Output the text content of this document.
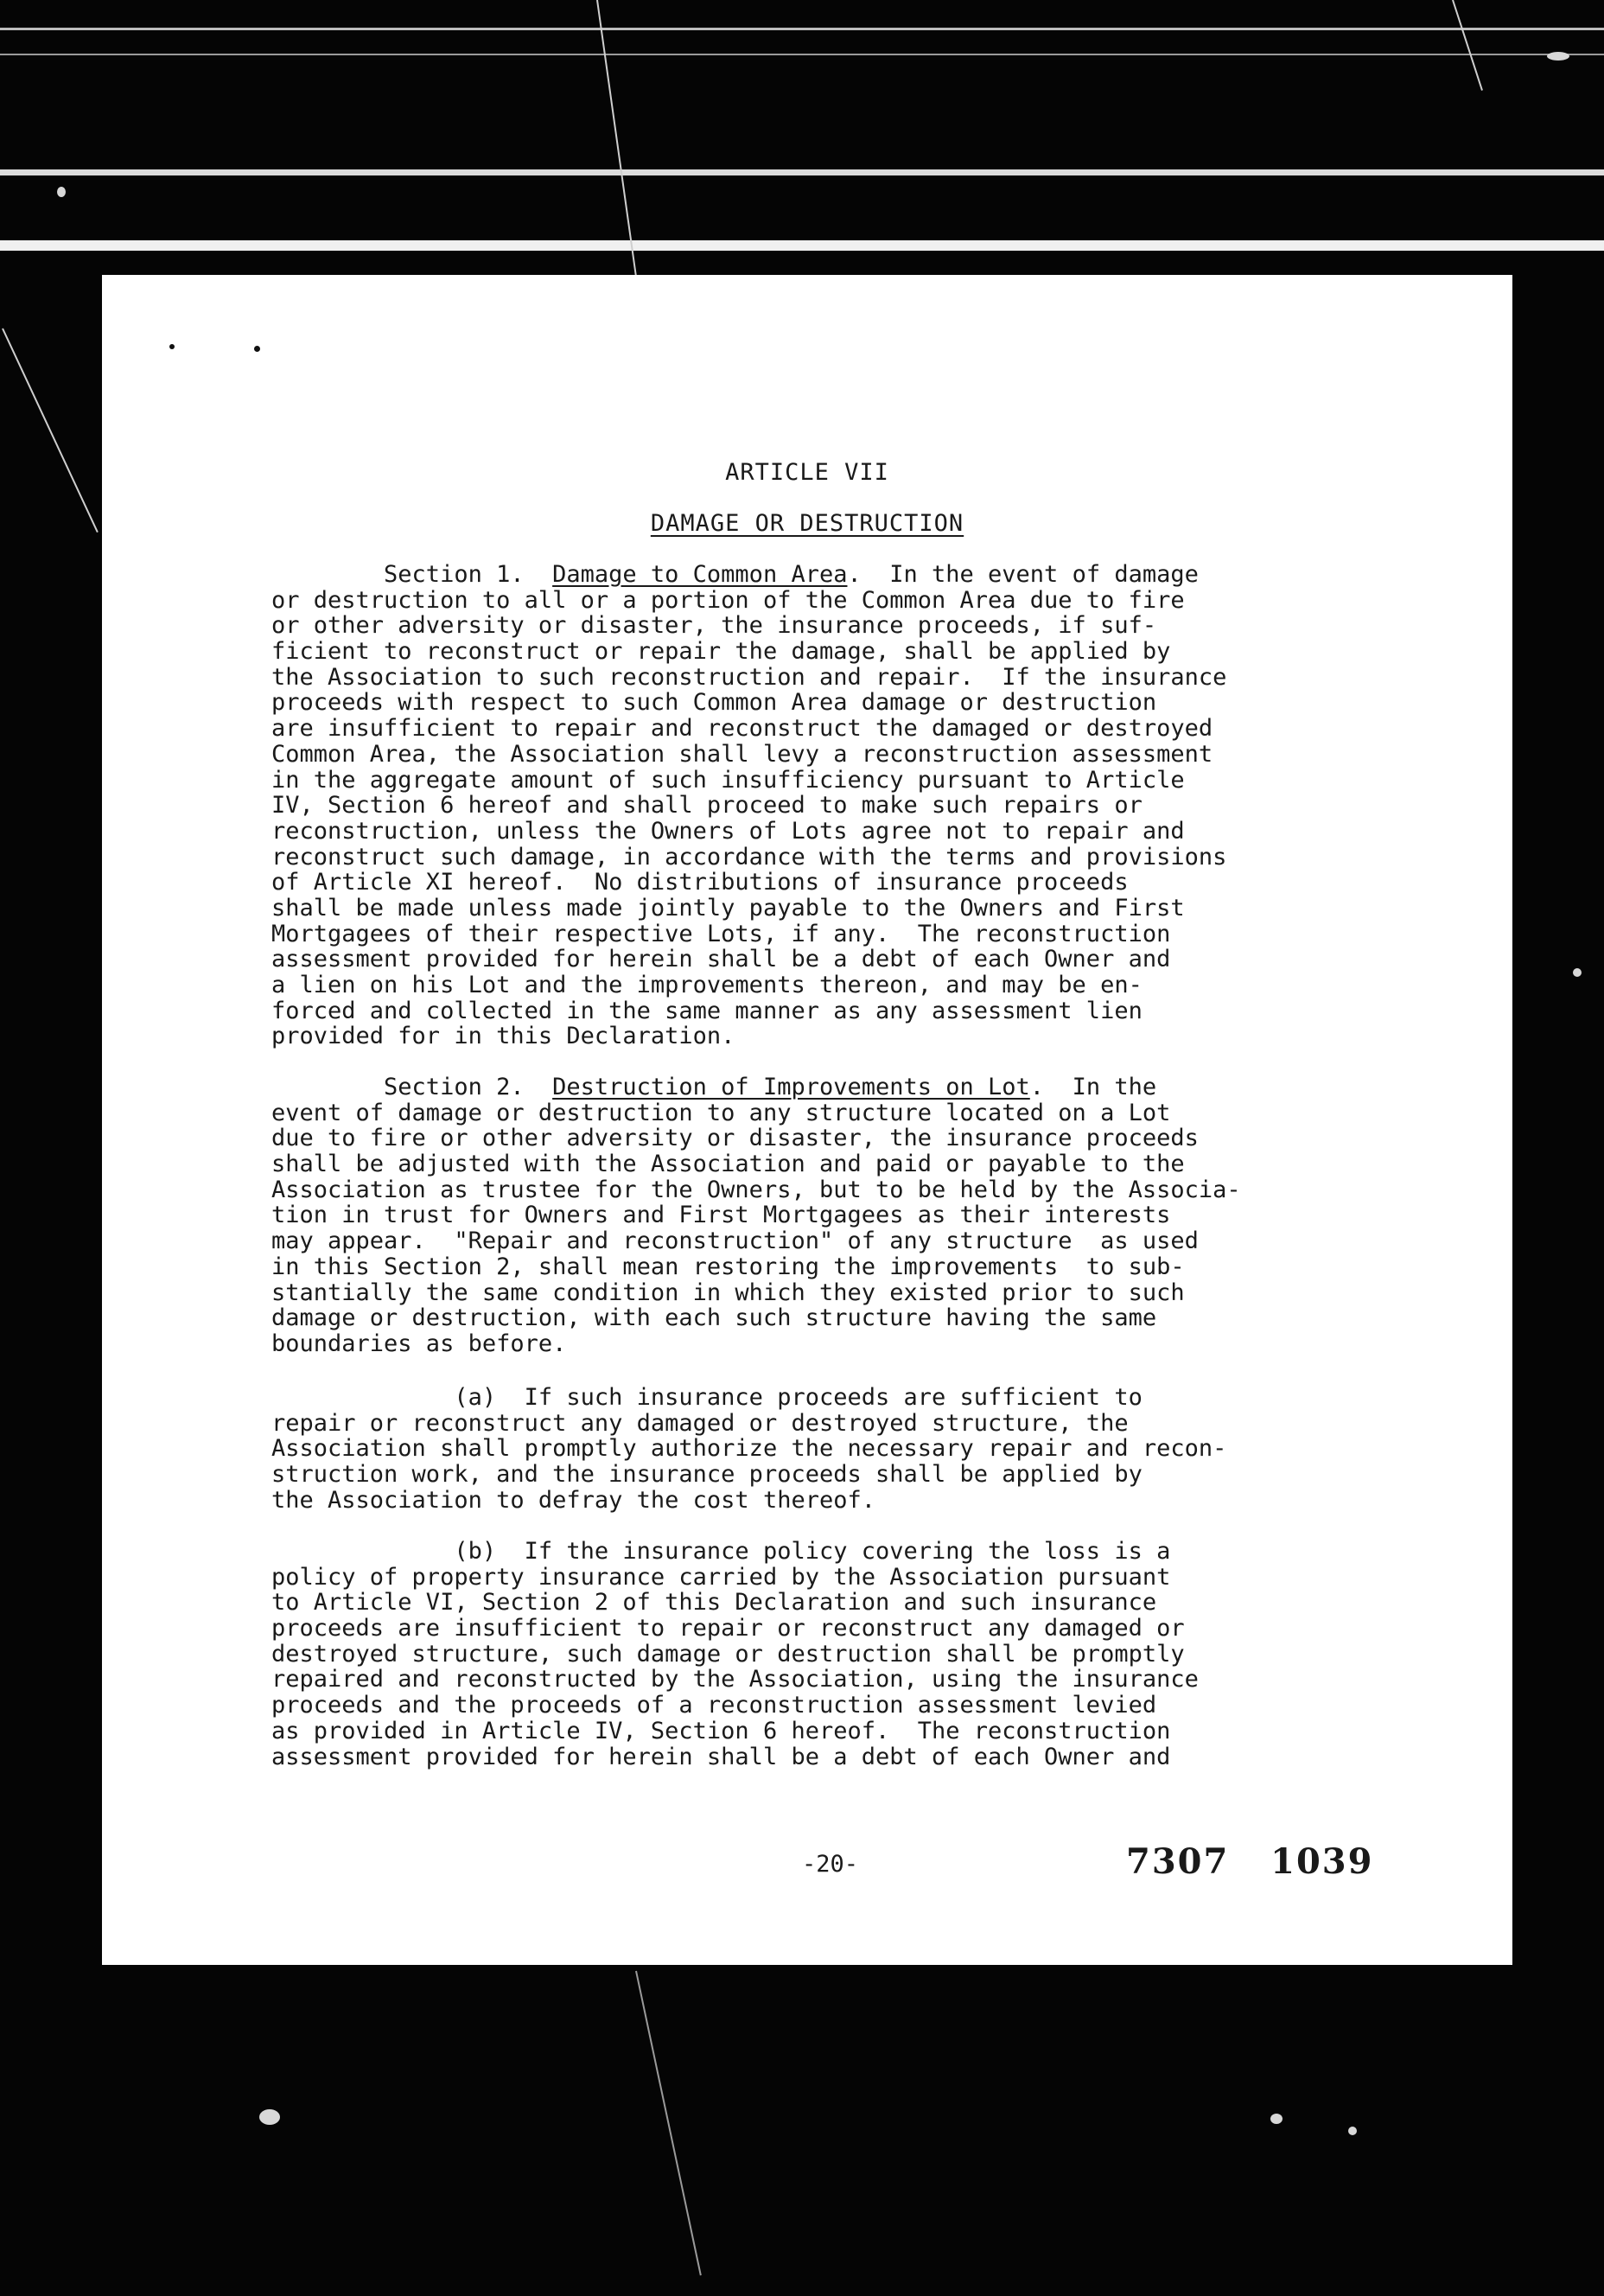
ARTICLE VII
DAMAGE OR DESTRUCTION
Section 1.  Damage to Common Area.  In the event of damage
or destruction to all or a portion of the Common Area due to fire
or other adversity or disaster, the insurance proceeds, if suf-
ficient to reconstruct or repair the damage, shall be applied by
the Association to such reconstruction and repair.  If the insurance
proceeds with respect to such Common Area damage or destruction
are insufficient to repair and reconstruct the damaged or destroyed
Common Area, the Association shall levy a reconstruction assessment
in the aggregate amount of such insufficiency pursuant to Article
IV, Section 6 hereof and shall proceed to make such repairs or
reconstruction, unless the Owners of Lots agree not to repair and
reconstruct such damage, in accordance with the terms and provisions
of Article XI hereof.  No distributions of insurance proceeds
shall be made unless made jointly payable to the Owners and First
Mortgagees of their respective Lots, if any.  The reconstruction
assessment provided for herein shall be a debt of each Owner and
a lien on his Lot and the improvements thereon, and may be en-
forced and collected in the same manner as any assessment lien
provided for in this Declaration.
Section 2.  Destruction of Improvements on Lot.  In the
event of damage or destruction to any structure located on a Lot
due to fire or other adversity or disaster, the insurance proceeds
shall be adjusted with the Association and paid or payable to the
Association as trustee for the Owners, but to be held by the Associa-
tion in trust for Owners and First Mortgagees as their interests
may appear.  "Repair and reconstruction" of any structure  as used
in this Section 2, shall mean restoring the improvements  to sub-
stantially the same condition in which they existed prior to such
damage or destruction, with each such structure having the same
boundaries as before.
(a)  If such insurance proceeds are sufficient to
repair or reconstruct any damaged or destroyed structure, the
Association shall promptly authorize the necessary repair and recon-
struction work, and the insurance proceeds shall be applied by
the Association to defray the cost thereof.
(b)  If the insurance policy covering the loss is a
policy of property insurance carried by the Association pursuant
to Article VI, Section 2 of this Declaration and such insurance
proceeds are insufficient to repair or reconstruct any damaged or
destroyed structure, such damage or destruction shall be promptly
repaired and reconstructed by the Association, using the insurance
proceeds and the proceeds of a reconstruction assessment levied
as provided in Article IV, Section 6 hereof.  The reconstruction
assessment provided for herein shall be a debt of each Owner and
-20-	7307   1039
